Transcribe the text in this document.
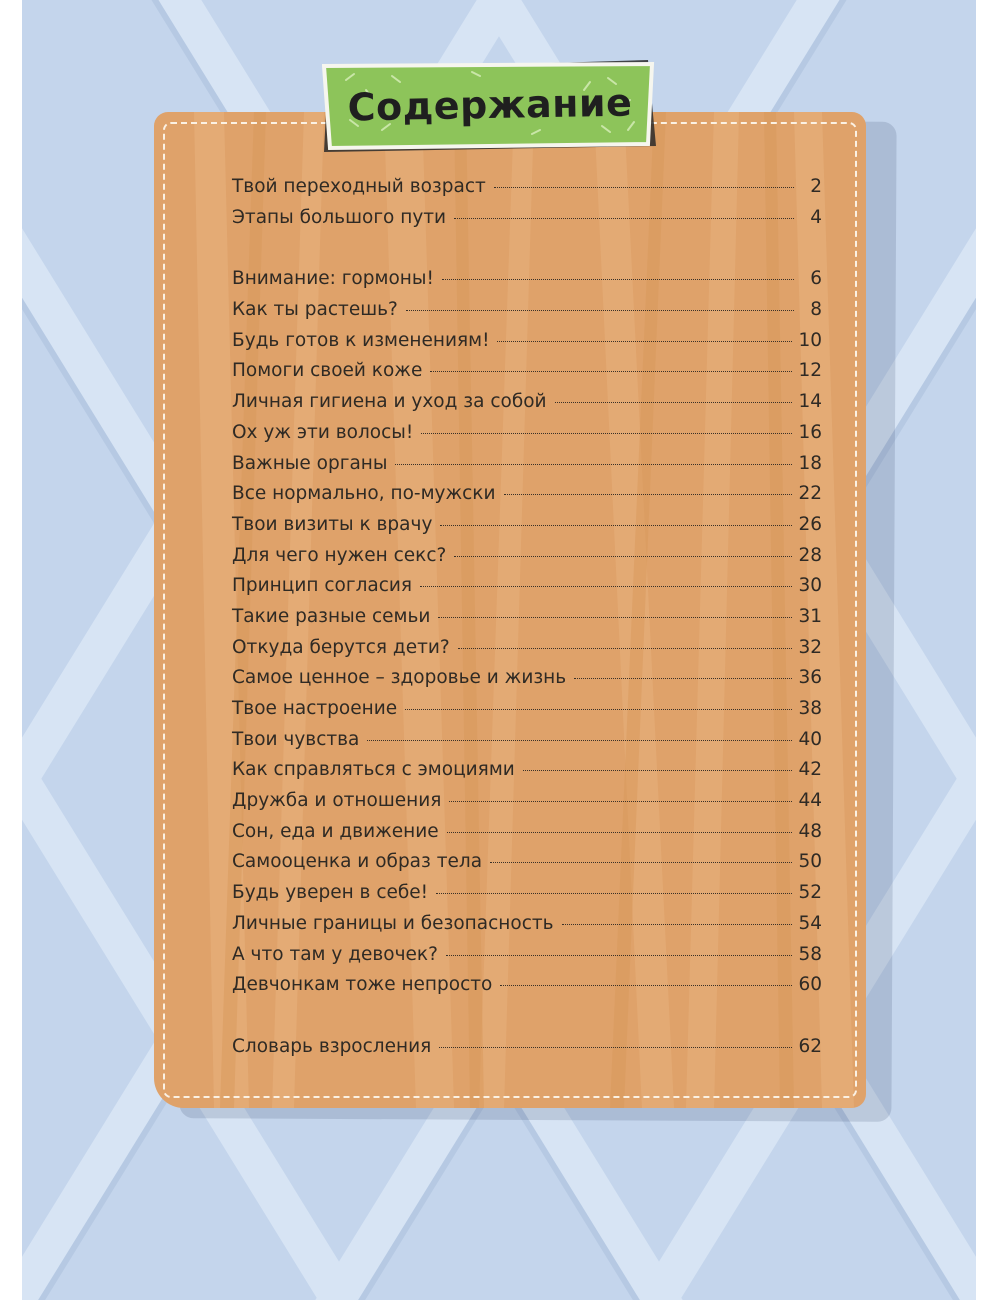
Содержание
Твой переходный возраст	2
Этапы большого пути	4
Внимание: гормоны!	6
Как ты растешь?	8
Будь готов к изменениям!	10
Помоги своей коже	12
Личная гигиена и уход за собой	14
Ох уж эти волосы!	16
Важные органы	18
Все нормально, по-мужски	22
Твои визиты к врачу	26
Для чего нужен секс?	28
Принцип согласия	30
Такие разные семьи	31
Откуда берутся дети?	32
Самое ценное – здоровье и жизнь	36
Твое настроение	38
Твои чувства	40
Как справляться с эмоциями	42
Дружба и отношения	44
Сон, еда и движение	48
Самооценка и образ тела	50
Будь уверен в себе!	52
Личные границы и безопасность	54
А что там у девочек?	58
Девчонкам тоже непросто	60
Словарь взросления	62
